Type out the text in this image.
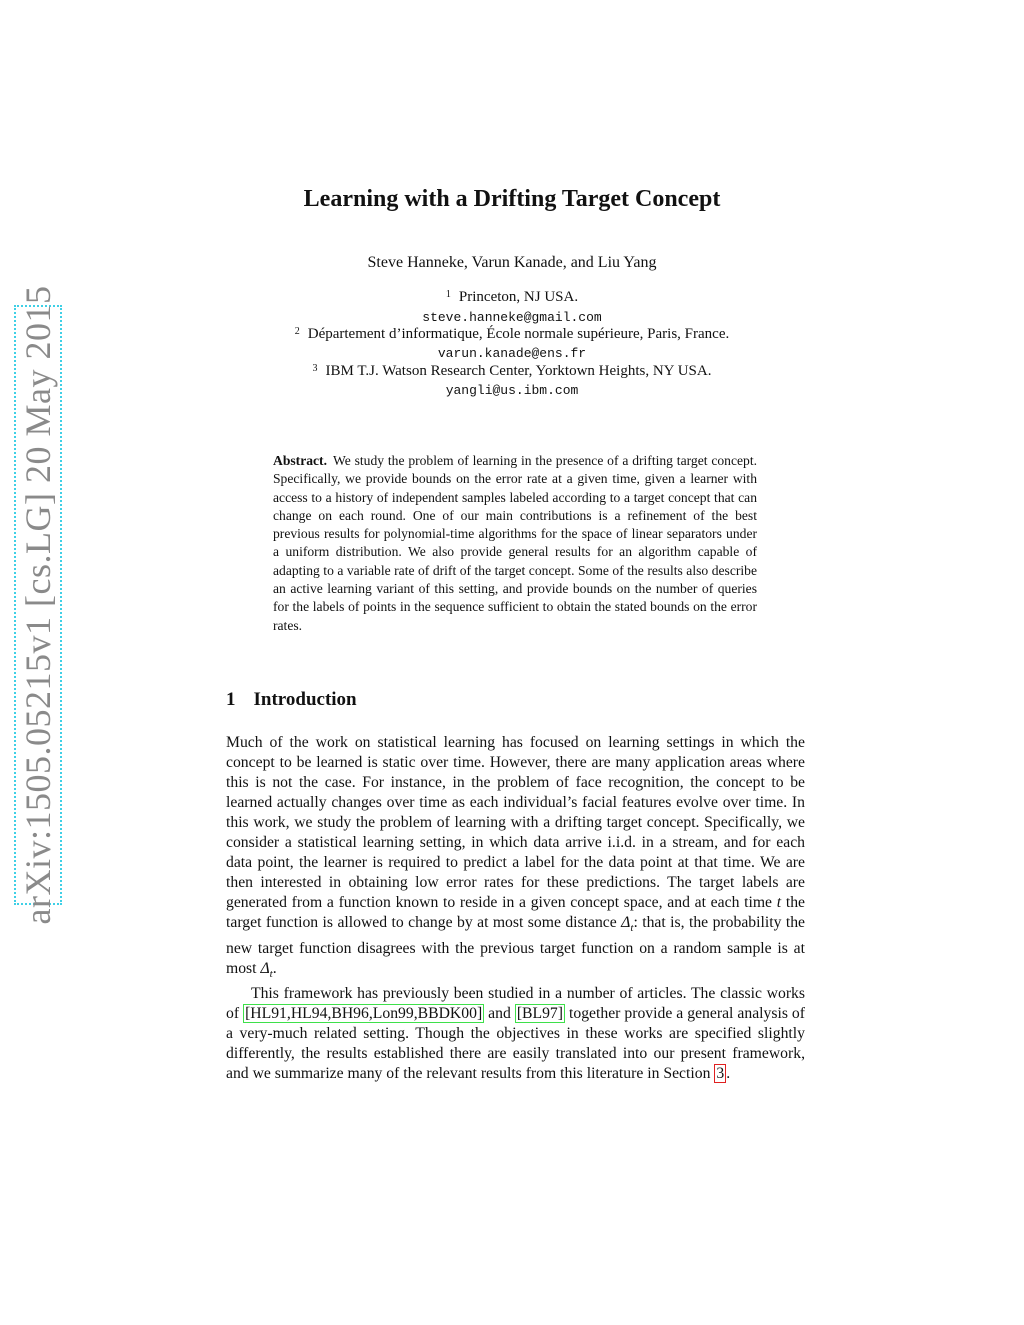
arXiv:1505.05215v1 [cs.LG] 20 May 2015
Learning with a Drifting Target Concept
Steve Hanneke, Varun Kanade, and Liu Yang
$^1$ Princeton, NJ USA.
steve.hanneke@gmail.com
$^2$ Département d’informatique, École normale supérieure, Paris, France.
varun.kanade@ens.fr
$^3$ IBM T.J. Watson Research Center, Yorktown Heights, NY USA.
yangli@us.ibm.com
Abstract. We study the problem of learning in the presence of a drifting target concept. Specifically, we provide bounds on the error rate at a given time, given a learner with access to a history of independent samples labeled according to a target concept that can change on each round. One of our main contributions is a refinement of the best previous results for polynomial-time algorithms for the space of linear separators under a uniform distribution. We also provide general results for an algorithm capable of adapting to a variable rate of drift of the target concept. Some of the results also describe an active learning variant of this setting, and provide bounds on the number of queries for the labels of points in the sequence sufficient to obtain the stated bounds on the error rates.
1 Introduction

Much of the work on statistical learning has focused on learning settings in which the concept to be learned is static over time. However, there are many application areas where this is not the case. For instance, in the problem of face recognition, the concept to be learned actually changes over time as each individual’s facial features evolve over time. In this work, we study the problem of learning with a drifting target concept. Specifically, we consider a statistical learning setting, in which data arrive i.i.d. in a stream, and for each data point, the learner is required to predict a label for the data point at that time. We are then interested in obtaining low error rates for these predictions. The target labels are generated from a function known to reside in a given concept space, and at each time t the target function is allowed to change by at most some distance $\Delta_t$: that is, the probability the new target function disagrees with the previous target function on a random sample is at most $\Delta_t$.

This framework has previously been studied in a number of articles. The classic works of [HL91,HL94,BH96,Lon99,BBDK00] and [BL97] together provide a general analysis of a very-much related setting. Though the objectives in these works are specified slightly differently, the results established there are easily translated into our present framework, and we summarize many of the relevant results from this literature in Section 3 .
